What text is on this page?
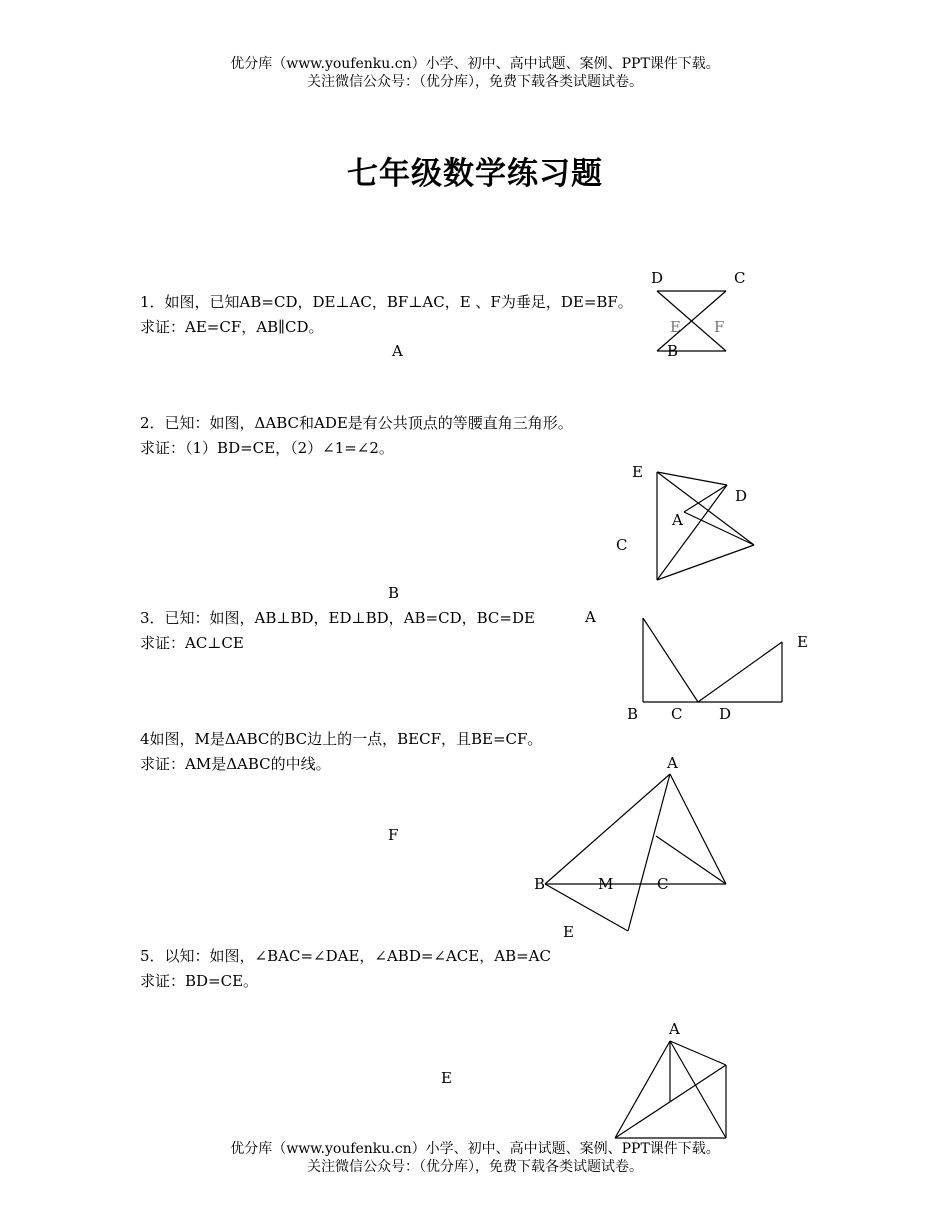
优分库（www.youfenku.cn）小学、初中、高中试题、案例、PPT课件下载。
关注微信公众号：（优分库），免费下载各类试题试卷。
七年级数学练习题
1．如图，已知AB=CD，DE⊥AC，BF⊥AC，E 、F为垂足，DE=BF。
求证：AE=CF，AB∥CD。
A
D	C
E F
B
2．已知：如图，ΔABC和ADE是有公共顶点的等腰直角三角形。
求证：（1）BD=CE，（2）∠1=∠2。
E
D
A
C
B
3．已知：如图，AB⊥BD，ED⊥BD，AB=CD，BC=DE
求证：AC⊥CE
A
E
B C D
4如图，M是ΔABC的BC边上的一点，BECF，且BE=CF。
求证：AM是ΔABC的中线。	A
F
B	M	C
E
5．以知：如图，∠BAC=∠DAE，∠ABD=∠ACE，AB=AC
求证：BD=CE。
A
E
优分库（www.youfenku.cn）小学、初中、高中试题、案例、PPT课件下载。
关注微信公众号：（优分库），免费下载各类试题试卷。
